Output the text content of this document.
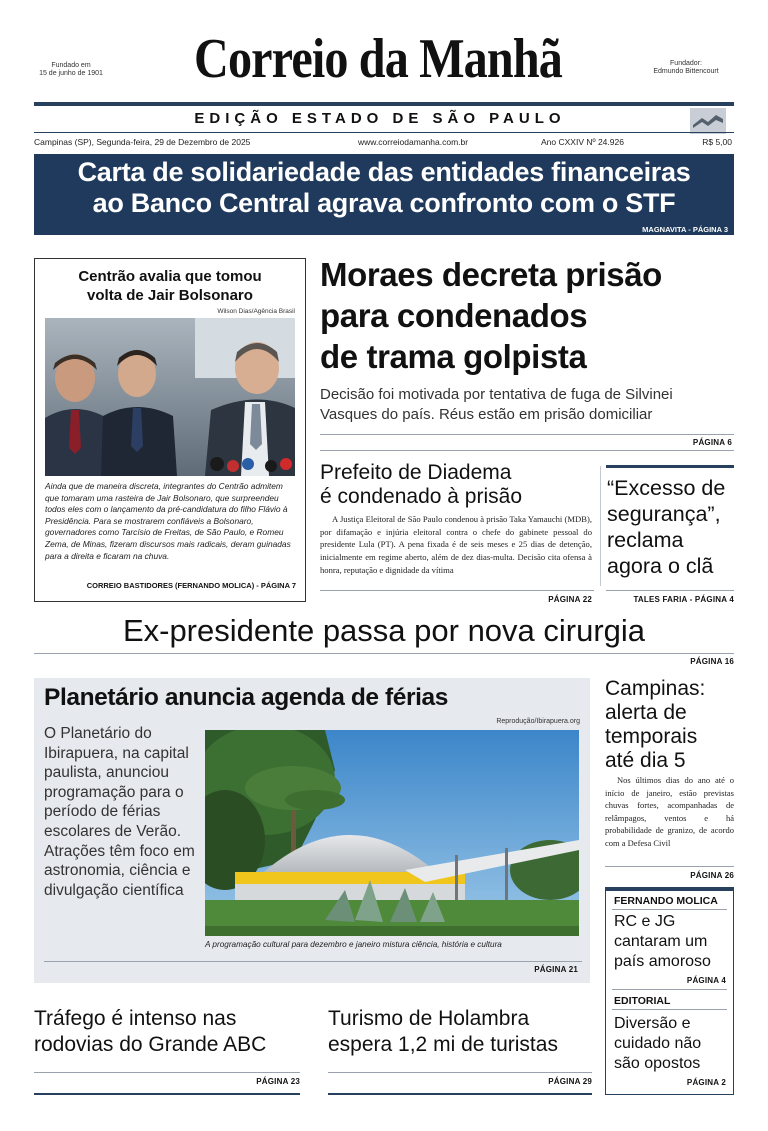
Fundado em
15 de junho de 1901 Correio da Manhã	Fundador:
Edmundo Bittencourt
EDIÇÃO ESTADO DE SÃO PAULO
Campinas (SP), Segunda-feira, 29 de Dezembro de 2025	www.correiodamanha.com.br	Ano CXXIV Nº 24.926	R$ 5,00
Carta de solidariedade das entidades financeiras
ao Banco Central agrava confronto com o STF
MAGNAVITA - PÁGINA 3
Centrão avalia que tomou
volta de Jair Bolsonaro
Wilson Dias/Agência Brasil
Ainda que de maneira discreta, integrantes do Centrão admitem que tomaram uma rasteira de Jair Bolsonaro, que surpreendeu todos eles com o lançamento da pré-candidatura do filho Flávio à Presidência. Para se mostrarem confiáveis a Bolsonaro, governadores como Tarcísio de Freitas, de São Paulo, e Romeu Zema, de Minas, fizeram discursos mais radicais, deram guinadas para a direita e ficaram na chuva.
CORREIO BASTIDORES (FERNANDO MOLICA) - PÁGINA 7
Moraes decreta prisão
para condenados
de trama golpista
Decisão foi motivada por tentativa de fuga de Silvinei Vasques do país. Réus estão em prisão domiciliar
PÁGINA 6
Prefeito de Diadema
é condenado à prisão
A Justiça Eleitoral de São Paulo condenou à prisão Taka Yamauchi (MDB), por difamação e injúria eleitoral contra o chefe do gabinete pessoal do presidente Lula (PT). A pena fixada é de seis meses e 25 dias de detenção, inicialmente em regime aberto, além de dez dias-multa. Decisão cita ofensa à honra, reputação e dignidade da vítima
PÁGINA 22
“Excesso de
segurança”,
reclama
agora o clã
TALES FARIA - PÁGINA 4
Ex-presidente passa por nova cirurgia
PÁGINA 16
Planetário anuncia agenda de férias
Reprodução/Ibirapuera.org
O Planetário do Ibirapuera, na capital paulista, anunciou programação para o período de férias escolares de Verão. Atrações têm foco em astronomia, ciência e divulgação científica
A programação cultural para dezembro e janeiro mistura ciência, história e cultura
PÁGINA 21
Campinas:
alerta de
temporais
até dia 5
Nos últimos dias do ano até o início de janeiro, estão previstas chuvas fortes, acompanhadas de relâmpagos, ventos e há probabilidade de granizo, de acordo com a Defesa Civil
PÁGINA 26
FERNANDO MOLICA
RC e JG
cantaram um
país amoroso
PÁGINA 4
EDITORIAL
Diversão e
cuidado não
são opostos
PÁGINA 2
Tráfego é intenso nas
rodovias do Grande ABC
PÁGINA 23
Turismo de Holambra
espera 1,2 mi de turistas
PÁGINA 29
